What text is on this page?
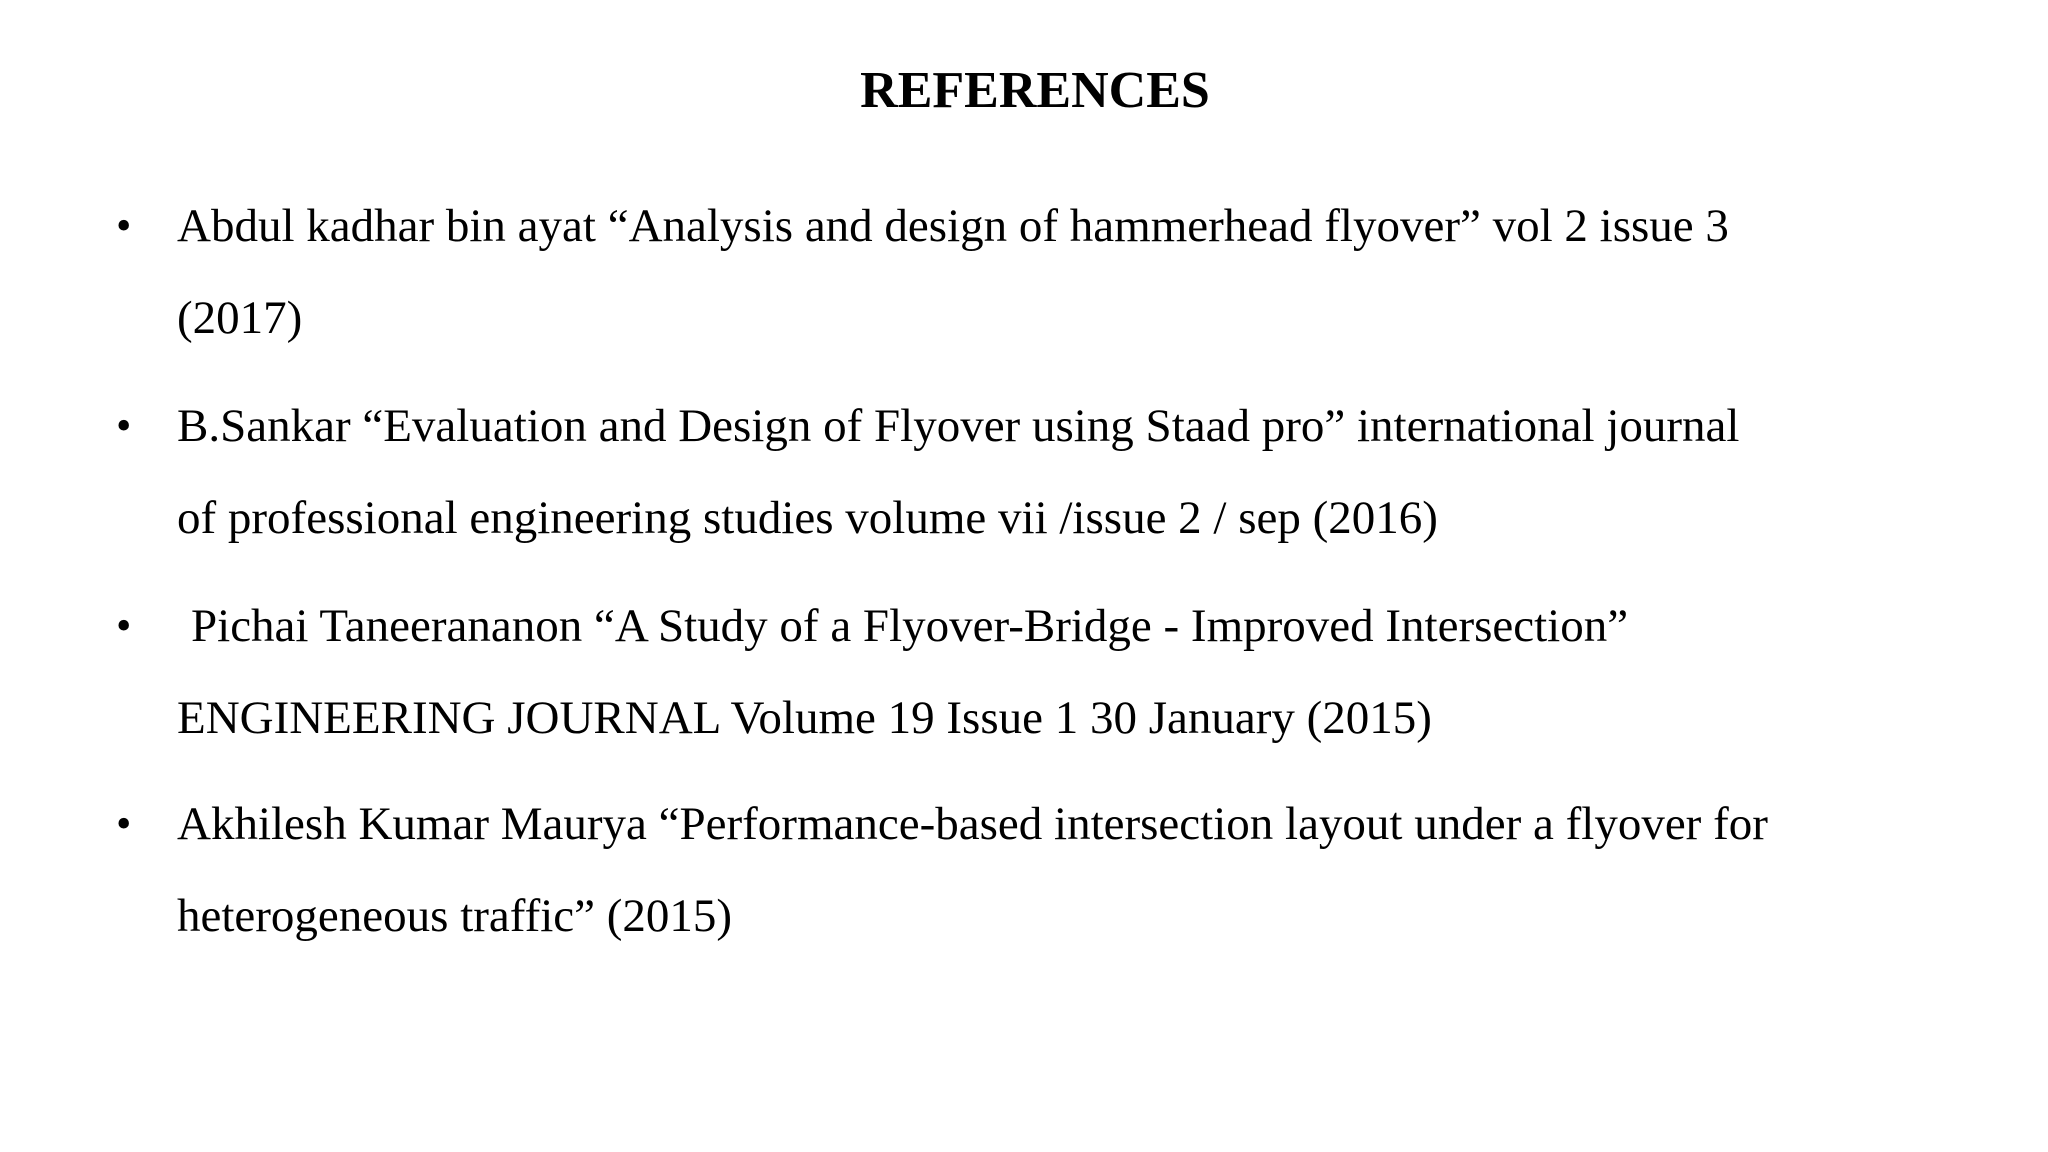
REFERENCES
• Abdul kadhar bin ayat “Analysis and design of hammerhead flyover” vol 2 issue 3
(2017)
• B.Sankar “Evaluation and Design of Flyover using Staad pro” international journal
of professional engineering studies volume vii /issue 2 / sep (2016)
• Pichai Taneerananon “A Study of a Flyover-Bridge - Improved Intersection”
ENGINEERING JOURNAL Volume 19 Issue 1 30 January (2015)
• Akhilesh Kumar Maurya “Performance-based intersection layout under a flyover for
heterogeneous traffic” (2015)
